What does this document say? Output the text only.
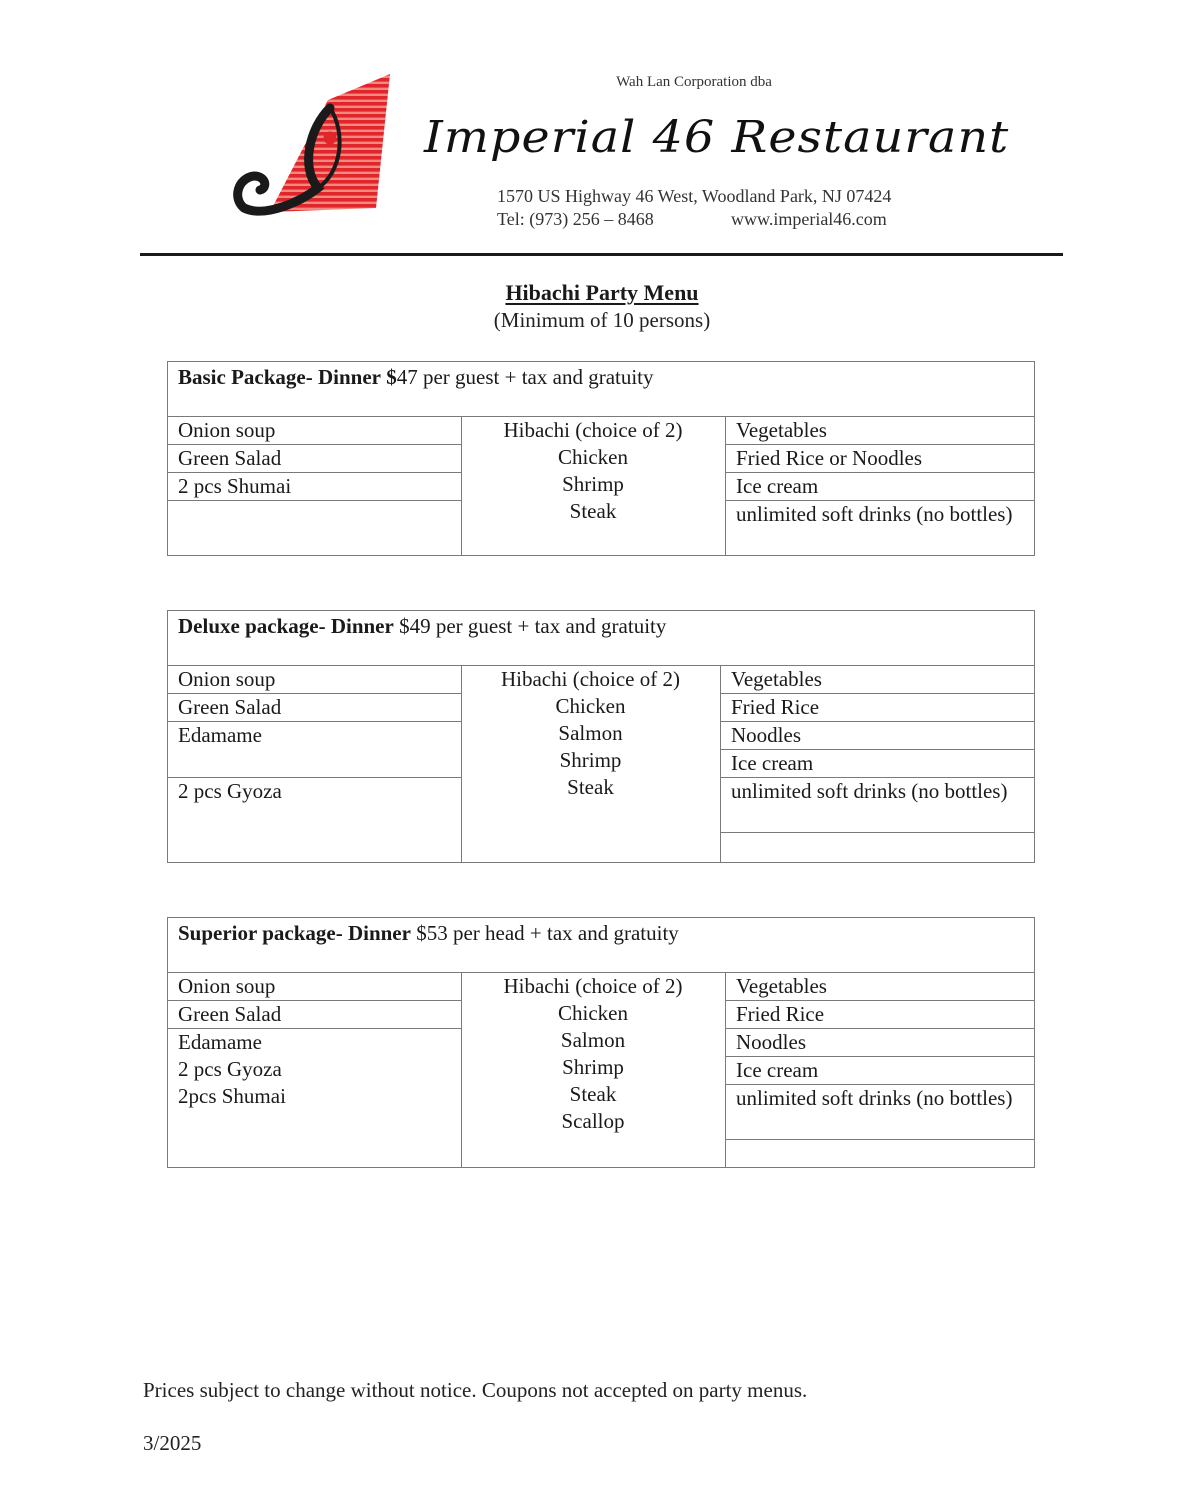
Wah Lan Corporation dba
Imperial 46 Restaurant
1570 US Highway 46 West, Woodland Park, NJ 07424
Tel: (973) 256 – 8468	www.imperial46.com
Hibachi Party Menu
(Minimum of 10 persons)
Basic Package- Dinner $47 per guest + tax and gratuity
Onion soup
Green Salad
2 pcs Shumai
Hibachi (choice of 2)
Chicken
Shrimp
Steak
Vegetables
Fried Rice or Noodles
Ice cream
unlimited soft drinks (no bottles)
Deluxe package- Dinner $49 per guest + tax and gratuity
Onion soup
Green Salad
Edamame
2 pcs Gyoza
Hibachi (choice of 2)
Chicken
Salmon
Shrimp
Steak
Vegetables
Fried Rice
Noodles
Ice cream
unlimited soft drinks (no bottles)
Superior package- Dinner $53 per head + tax and gratuity
Onion soup
Green Salad
Edamame
2 pcs Gyoza
2pcs Shumai
Hibachi (choice of 2)
Chicken
Salmon
Shrimp
Steak
Scallop
Vegetables
Fried Rice
Noodles
Ice cream
unlimited soft drinks (no bottles)
Prices subject to change without notice. Coupons not accepted on party menus.
3/2025
